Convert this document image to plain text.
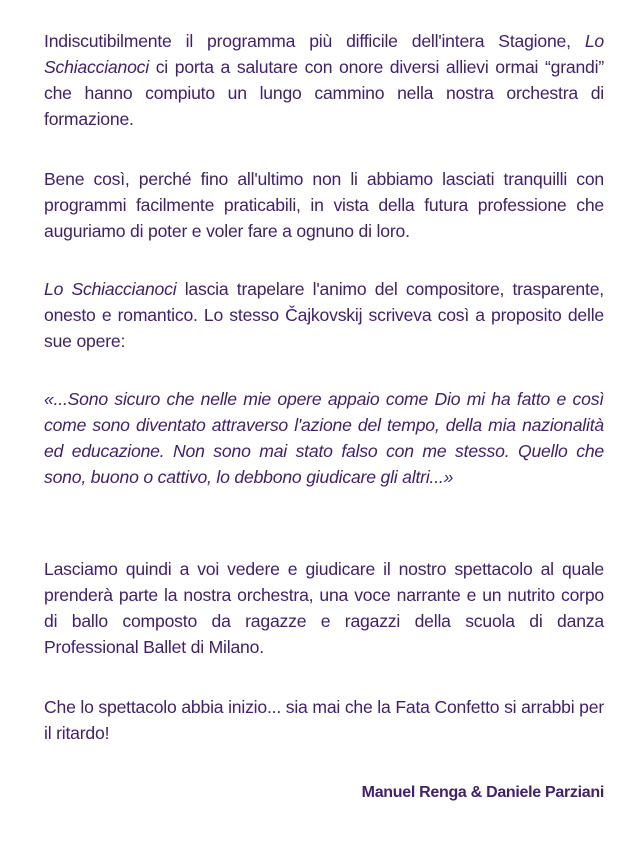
Indiscutibilmente il programma più difficile dell'intera Stagione, Lo Schiaccianoci ci porta a salutare con onore diversi allievi ormai “grandi” che hanno compiuto un lungo cammino nella nostra orchestra di formazione.

Bene così, perché fino all'ultimo non li abbiamo lasciati tranquilli con programmi facilmente praticabili, in vista della futura professione che auguriamo di poter e voler fare a ognuno di loro.

Lo Schiaccianoci lascia trapelare l'animo del compositore, trasparente, onesto e romantico. Lo stesso Čajkovskij scriveva così a proposito delle sue opere:

«...Sono sicuro che nelle mie opere appaio come Dio mi ha fatto e così come sono diventato attraverso l'azione del tempo, della mia nazionalità ed educazione. Non sono mai stato falso con me stesso. Quello che sono, buono o cattivo, lo debbono giudicare gli altri...»

Lasciamo quindi a voi vedere e giudicare il nostro spettacolo al quale prenderà parte la nostra orchestra, una voce narrante e un nutrito corpo di ballo composto da ragazze e ragazzi della scuola di danza Professional Ballet di Milano.

Che lo spettacolo abbia inizio... sia mai che la Fata Confetto si arrabbi per il ritardo!

Manuel Renga & Daniele Parziani
